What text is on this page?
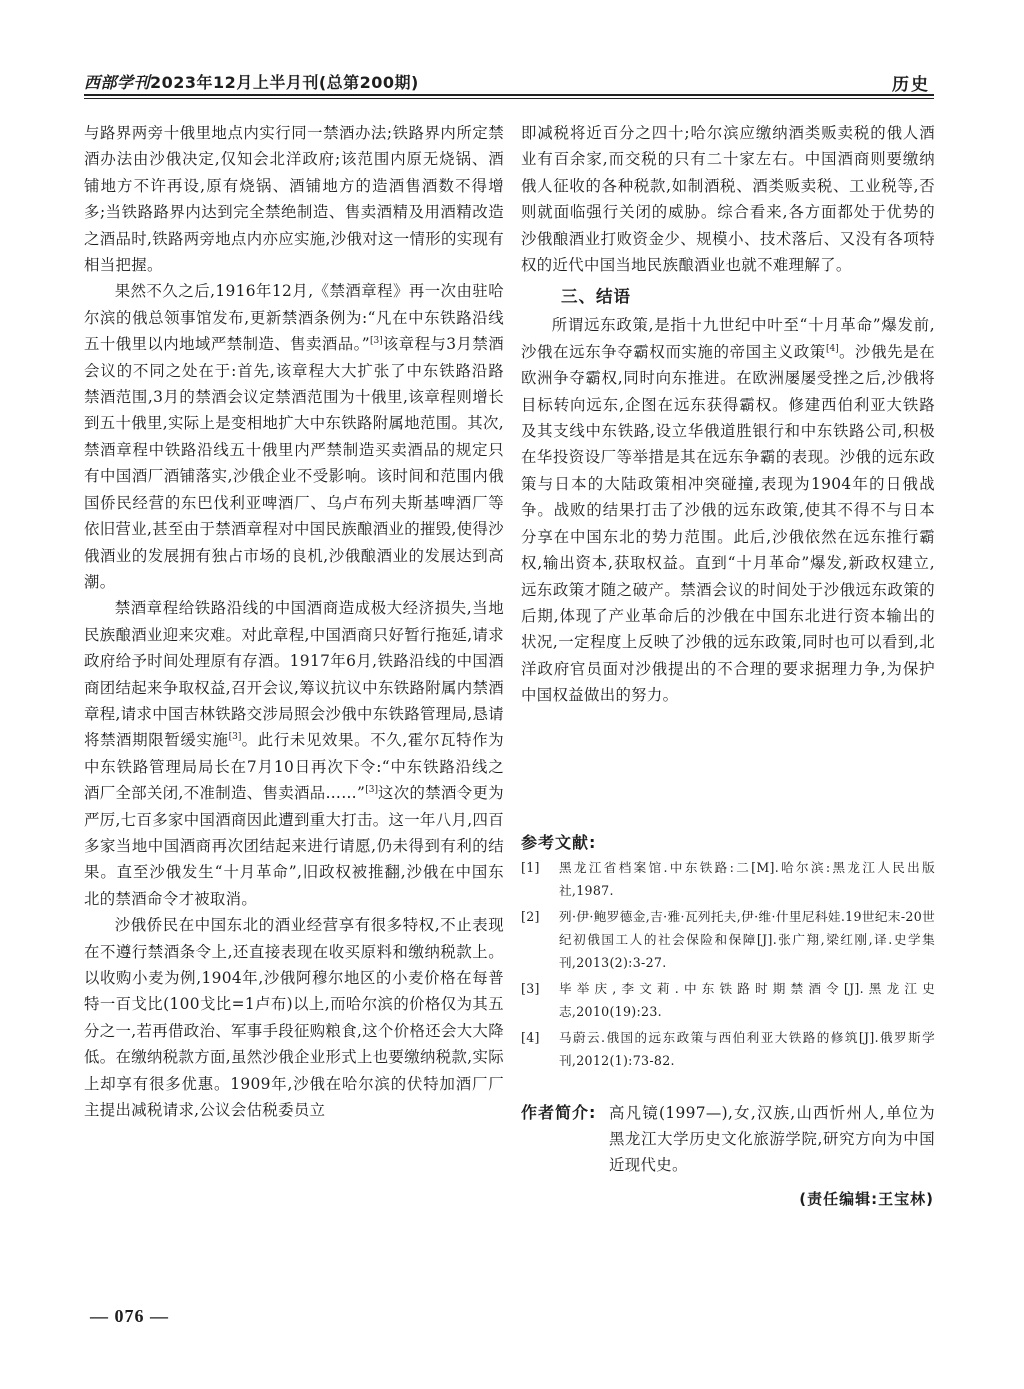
西部学刊2023年12月上半月刊(总第200期)	历史

与路界两旁十俄里地点内实行同一禁酒办法;铁路界内所定禁酒办法由沙俄决定,仅知会北洋政府;该范围内原无烧锅、酒铺地方不许再设,原有烧锅、酒铺地方的造酒售酒数不得增多;当铁路路界内达到完全禁绝制造、售卖酒精及用酒精改造之酒品时,铁路两旁地点内亦应实施,沙俄对这一情形的实现有相当把握。

果然不久之后,1916年12月,《禁酒章程》再一次由驻哈尔滨的俄总领事馆发布,更新禁酒条例为:“凡在中东铁路沿线五十俄里以内地域严禁制造、售卖酒品。”[3]该章程与3月禁酒会议的不同之处在于:首先,该章程大大扩张了中东铁路沿路禁酒范围,3月的禁酒会议定禁酒范围为十俄里,该章程则增长到五十俄里,实际上是变相地扩大中东铁路附属地范围。其次,禁酒章程中铁路沿线五十俄里内严禁制造买卖酒品的规定只有中国酒厂酒铺落实,沙俄企业不受影响。该时间和范围内俄国侨民经营的东巴伐利亚啤酒厂、乌卢布列夫斯基啤酒厂等依旧营业,甚至由于禁酒章程对中国民族酿酒业的摧毁,使得沙俄酒业的发展拥有独占市场的良机,沙俄酿酒业的发展达到高潮。

禁酒章程给铁路沿线的中国酒商造成极大经济损失,当地民族酿酒业迎来灾难。对此章程,中国酒商只好暂行拖延,请求政府给予时间处理原有存酒。1917年6月,铁路沿线的中国酒商团结起来争取权益,召开会议,筹议抗议中东铁路附属内禁酒章程,请求中国吉林铁路交涉局照会沙俄中东铁路管理局,恳请将禁酒期限暂缓实施[3]。此行未见效果。不久,霍尔瓦特作为中东铁路管理局局长在7月10日再次下令:“中东铁路沿线之酒厂全部关闭,不准制造、售卖酒品……”[3]这次的禁酒令更为严厉,七百多家中国酒商因此遭到重大打击。这一年八月,四百多家当地中国酒商再次团结起来进行请愿,仍未得到有利的结果。直至沙俄发生“十月革命”,旧政权被推翻,沙俄在中国东北的禁酒命令才被取消。

沙俄侨民在中国东北的酒业经营享有很多特权,不止表现在不遵行禁酒条令上,还直接表现在收买原料和缴纳税款上。以收购小麦为例,1904年,沙俄阿穆尔地区的小麦价格在每普特一百戈比(100戈比=1卢布)以上,而哈尔滨的价格仅为其五分之一,若再借政治、军事手段征购粮食,这个价格还会大大降低。在缴纳税款方面,虽然沙俄企业形式上也要缴纳税款,实际上却享有很多优惠。1909年,沙俄在哈尔滨的伏特加酒厂厂主提出减税请求,公议会估税委员立

即减税将近百分之四十;哈尔滨应缴纳酒类贩卖税的俄人酒业有百余家,而交税的只有二十家左右。中国酒商则要缴纳俄人征收的各种税款,如制酒税、酒类贩卖税、工业税等,否则就面临强行关闭的威胁。综合看来,各方面都处于优势的沙俄酿酒业打败资金少、规模小、技术落后、又没有各项特权的近代中国当地民族酿酒业也就不难理解了。

三、结语

所谓远东政策,是指十九世纪中叶至“十月革命”爆发前,沙俄在远东争夺霸权而实施的帝国主义政策[4]。沙俄先是在欧洲争夺霸权,同时向东推进。在欧洲屡屡受挫之后,沙俄将目标转向远东,企图在远东获得霸权。修建西伯利亚大铁路及其支线中东铁路,设立华俄道胜银行和中东铁路公司,积极在华投资设厂等举措是其在远东争霸的表现。沙俄的远东政策与日本的大陆政策相冲突碰撞,表现为1904年的日俄战争。战败的结果打击了沙俄的远东政策,使其不得不与日本分享在中国东北的势力范围。此后,沙俄依然在远东推行霸权,输出资本,获取权益。直到“十月革命”爆发,新政权建立,远东政策才随之破产。禁酒会议的时间处于沙俄远东政策的后期,体现了产业革命后的沙俄在中国东北进行资本输出的状况,一定程度上反映了沙俄的远东政策,同时也可以看到,北洋政府官员面对沙俄提出的不合理的要求据理力争,为保护中国权益做出的努力。

参考文献:
[1]	黑龙江省档案馆.中东铁路:二[M].哈尔滨:黑龙江人民出版社,1987.
[2]	列·伊·鲍罗德金,吉·雅·瓦列托夫,伊·维·什里尼科娃.19世纪末-20世纪初俄国工人的社会保险和保障[J].张广翔,梁红刚,译.史学集刊,2013(2):3-27.
[3]	毕举庆,李文莉.中东铁路时期禁酒令[J].黑龙江史志,2010(19):23.
[4]	马蔚云.俄国的远东政策与西伯利亚大铁路的修筑[J].俄罗斯学刊,2012(1):73-82.
作者简介: 高凡镜(1997—),女,汉族,山西忻州人,单位为黑龙江大学历史文化旅游学院,研究方向为中国近现代史。
(责任编辑:王宝林)
— 076 —
